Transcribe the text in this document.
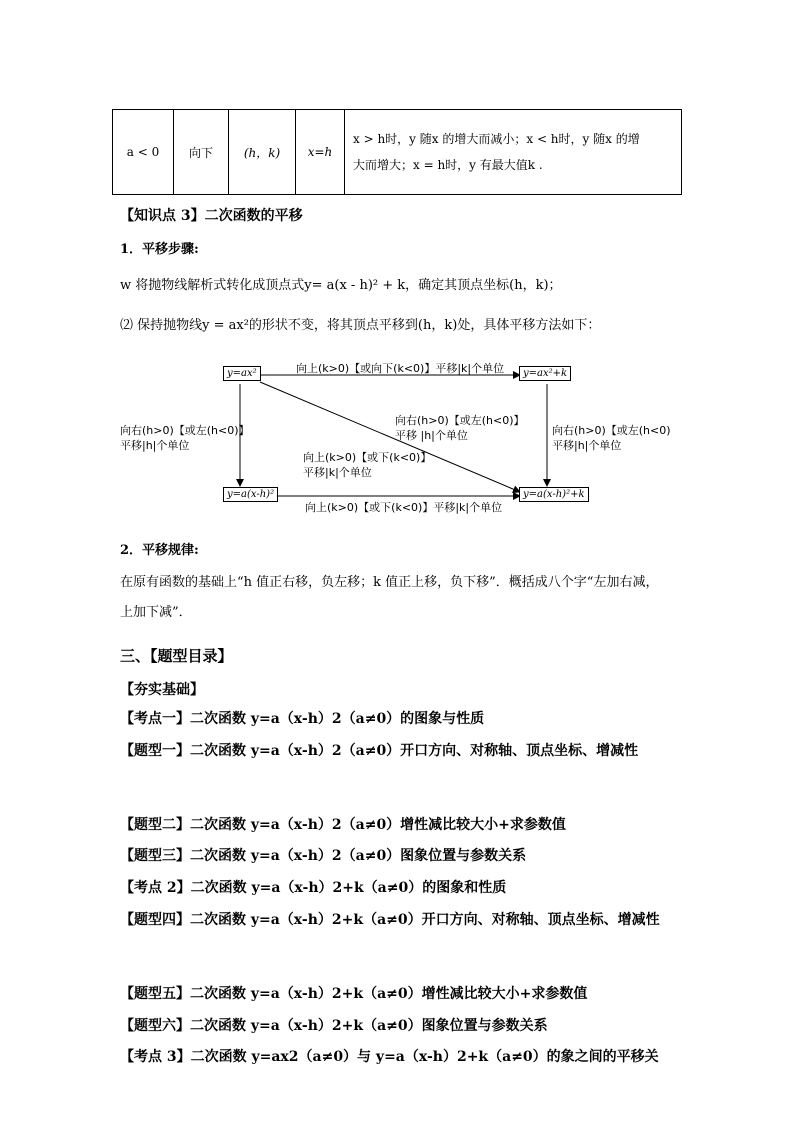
a < 0	向下	(h，k)	x=h	
x > h时，y 随x 的增大而减小；x < h时，y 随x 的增
大而增大；x = h时，y 有最大值k .
【知识点 3】二次函数的平移
1．平移步骤:
w 将抛物线解析式转化成顶点式y= a(x - h)² + k，确定其顶点坐标(h，k)；
⑵ 保持抛物线y = ax²的形状不变，将其顶点平移到(h，k)处，具体平移方法如下：
y=ax²	y=ax²+k
y=a(x-h)²	y=a(x-h)²+k
向上(k>0)【或向下(k<0)】平移|k|个单位
向上(k>0)【或下(k<0)】平移|k|个单位
向右(h>0)【或左(h<0)】
平移|h|个单位
向右(h>0)【或左(h<0)
平移|h|个单位
向右(h>0)【或左(h<0)】
平移 |h|个单位
向上(k>0)【或下(k<0)】
平移|k|个单位
2．平移规律:
在原有函数的基础上“h 值正右移，负左移；k 值正上移，负下移”．概括成八个字“左加右减，
上加下减”．
三、【题型目录】
【夯实基础】
【考点一】二次函数 y=a（x-h）2（a≠0）的图象与性质
【题型一】二次函数 y=a（x-h）2（a≠0）开口方向、对称轴、顶点坐标、增减性
【题型二】二次函数 y=a（x-h）2（a≠0）增性减比较大小+求参数值
【题型三】二次函数 y=a（x-h）2（a≠0）图象位置与参数关系
【考点 2】二次函数 y=a（x-h）2+k（a≠0）的图象和性质
【题型四】二次函数 y=a（x-h）2+k（a≠0）开口方向、对称轴、顶点坐标、增减性
【题型五】二次函数 y=a（x-h）2+k（a≠0）增性减比较大小+求参数值
【题型六】二次函数 y=a（x-h）2+k（a≠0）图象位置与参数关系
【考点 3】二次函数 y=ax2（a≠0）与 y=a（x-h）2+k（a≠0）的象之间的平移关
